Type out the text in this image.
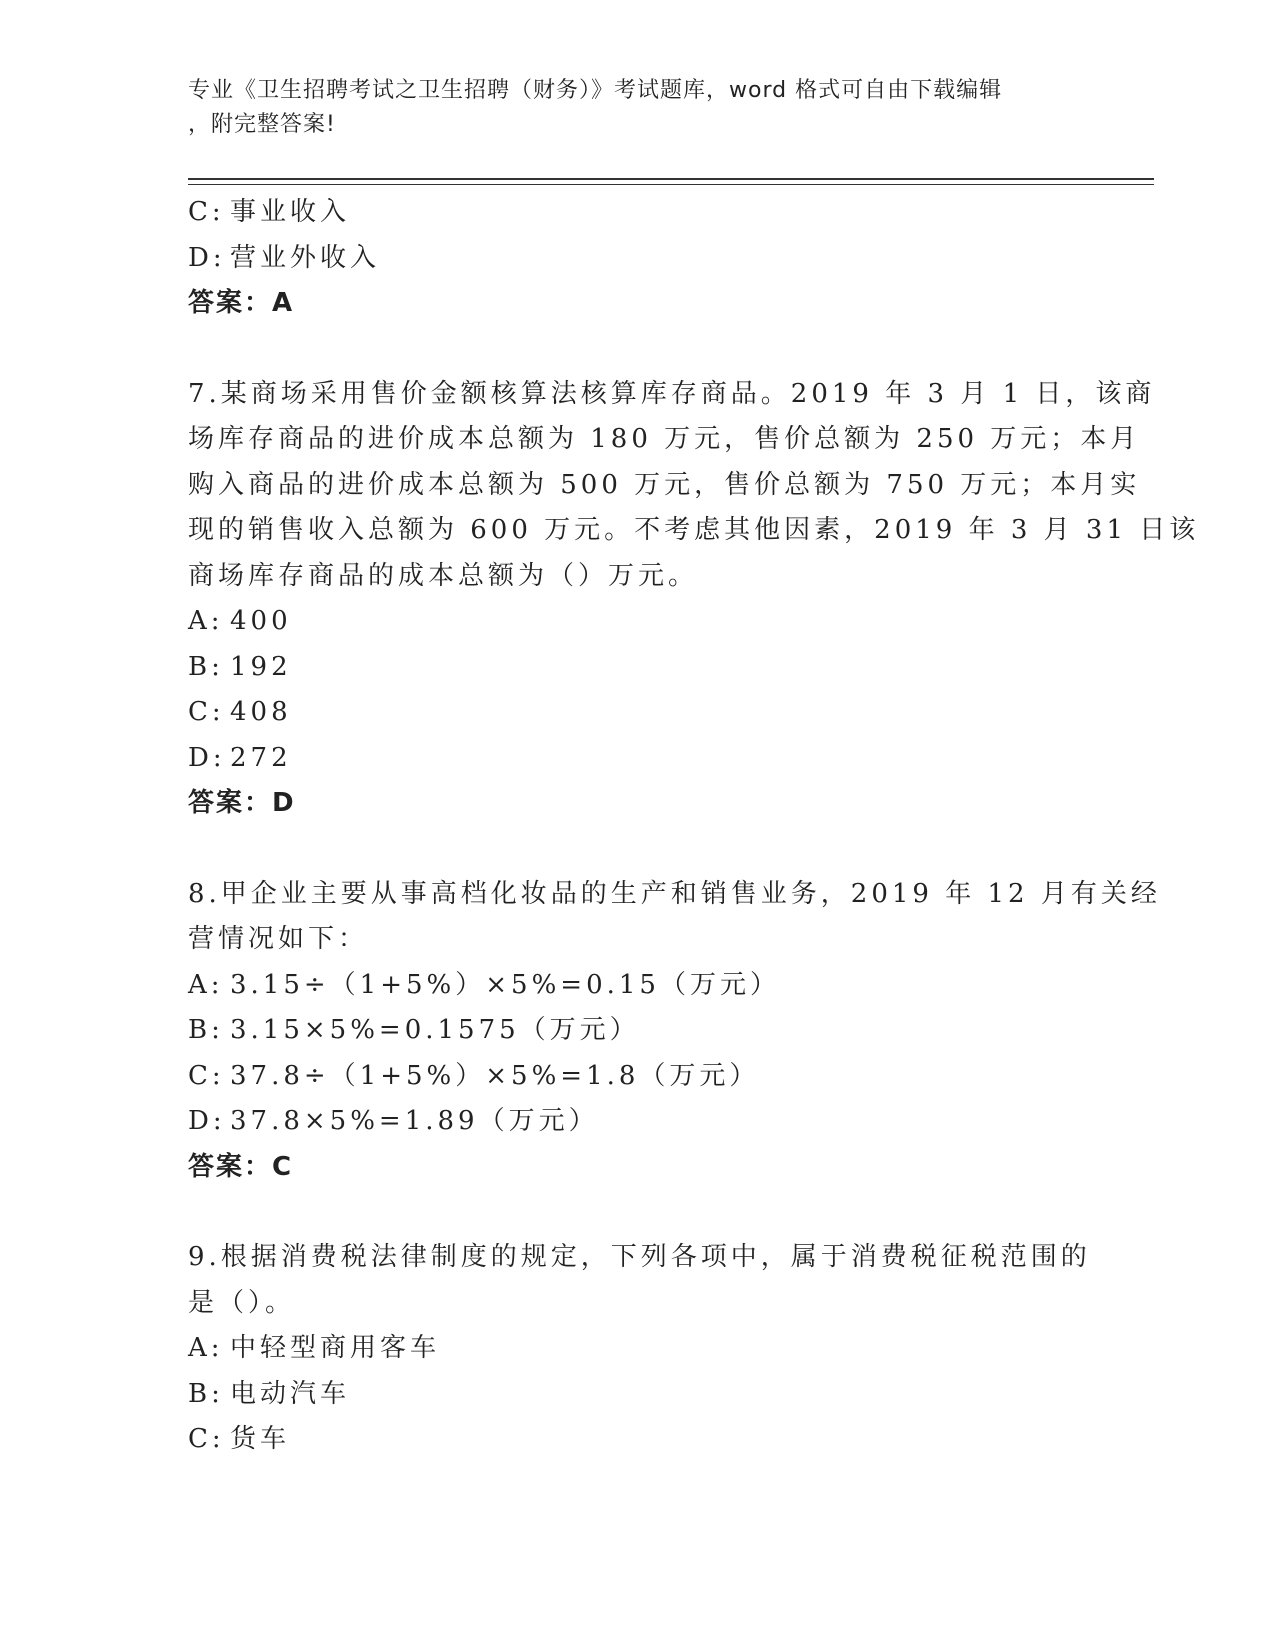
专业《卫生招聘考试之卫生招聘（财务）》考试题库，word 格式可自由下载编辑
，附完整答案!
C: 事业收入
D: 营业外收入
答案：A
7.某商场采用售价金额核算法核算库存商品。2019 年 3 月 1 日，该商
场库存商品的进价成本总额为 180 万元，售价总额为 250 万元；本月
购入商品的进价成本总额为 500 万元，售价总额为 750 万元；本月实
现的销售收入总额为 600 万元。不考虑其他因素，2019 年 3 月 31 日该
商场库存商品的成本总额为（）万元。
A: 400
B: 192
C: 408
D: 272
答案：D
8.甲企业主要从事高档化妆品的生产和销售业务，2019 年 12 月有关经
营情况如下：
A: 3.15÷（1+5%）×5%=0.15（万元）
B: 3.15×5%=0.1575（万元）
C: 37.8÷（1+5%）×5%=1.8（万元）
D: 37.8×5%=1.89（万元）
答案：C
9.根据消费税法律制度的规定，下列各项中，属于消费税征税范围的
是（）。
A: 中轻型商用客车
B: 电动汽车
C: 货车
